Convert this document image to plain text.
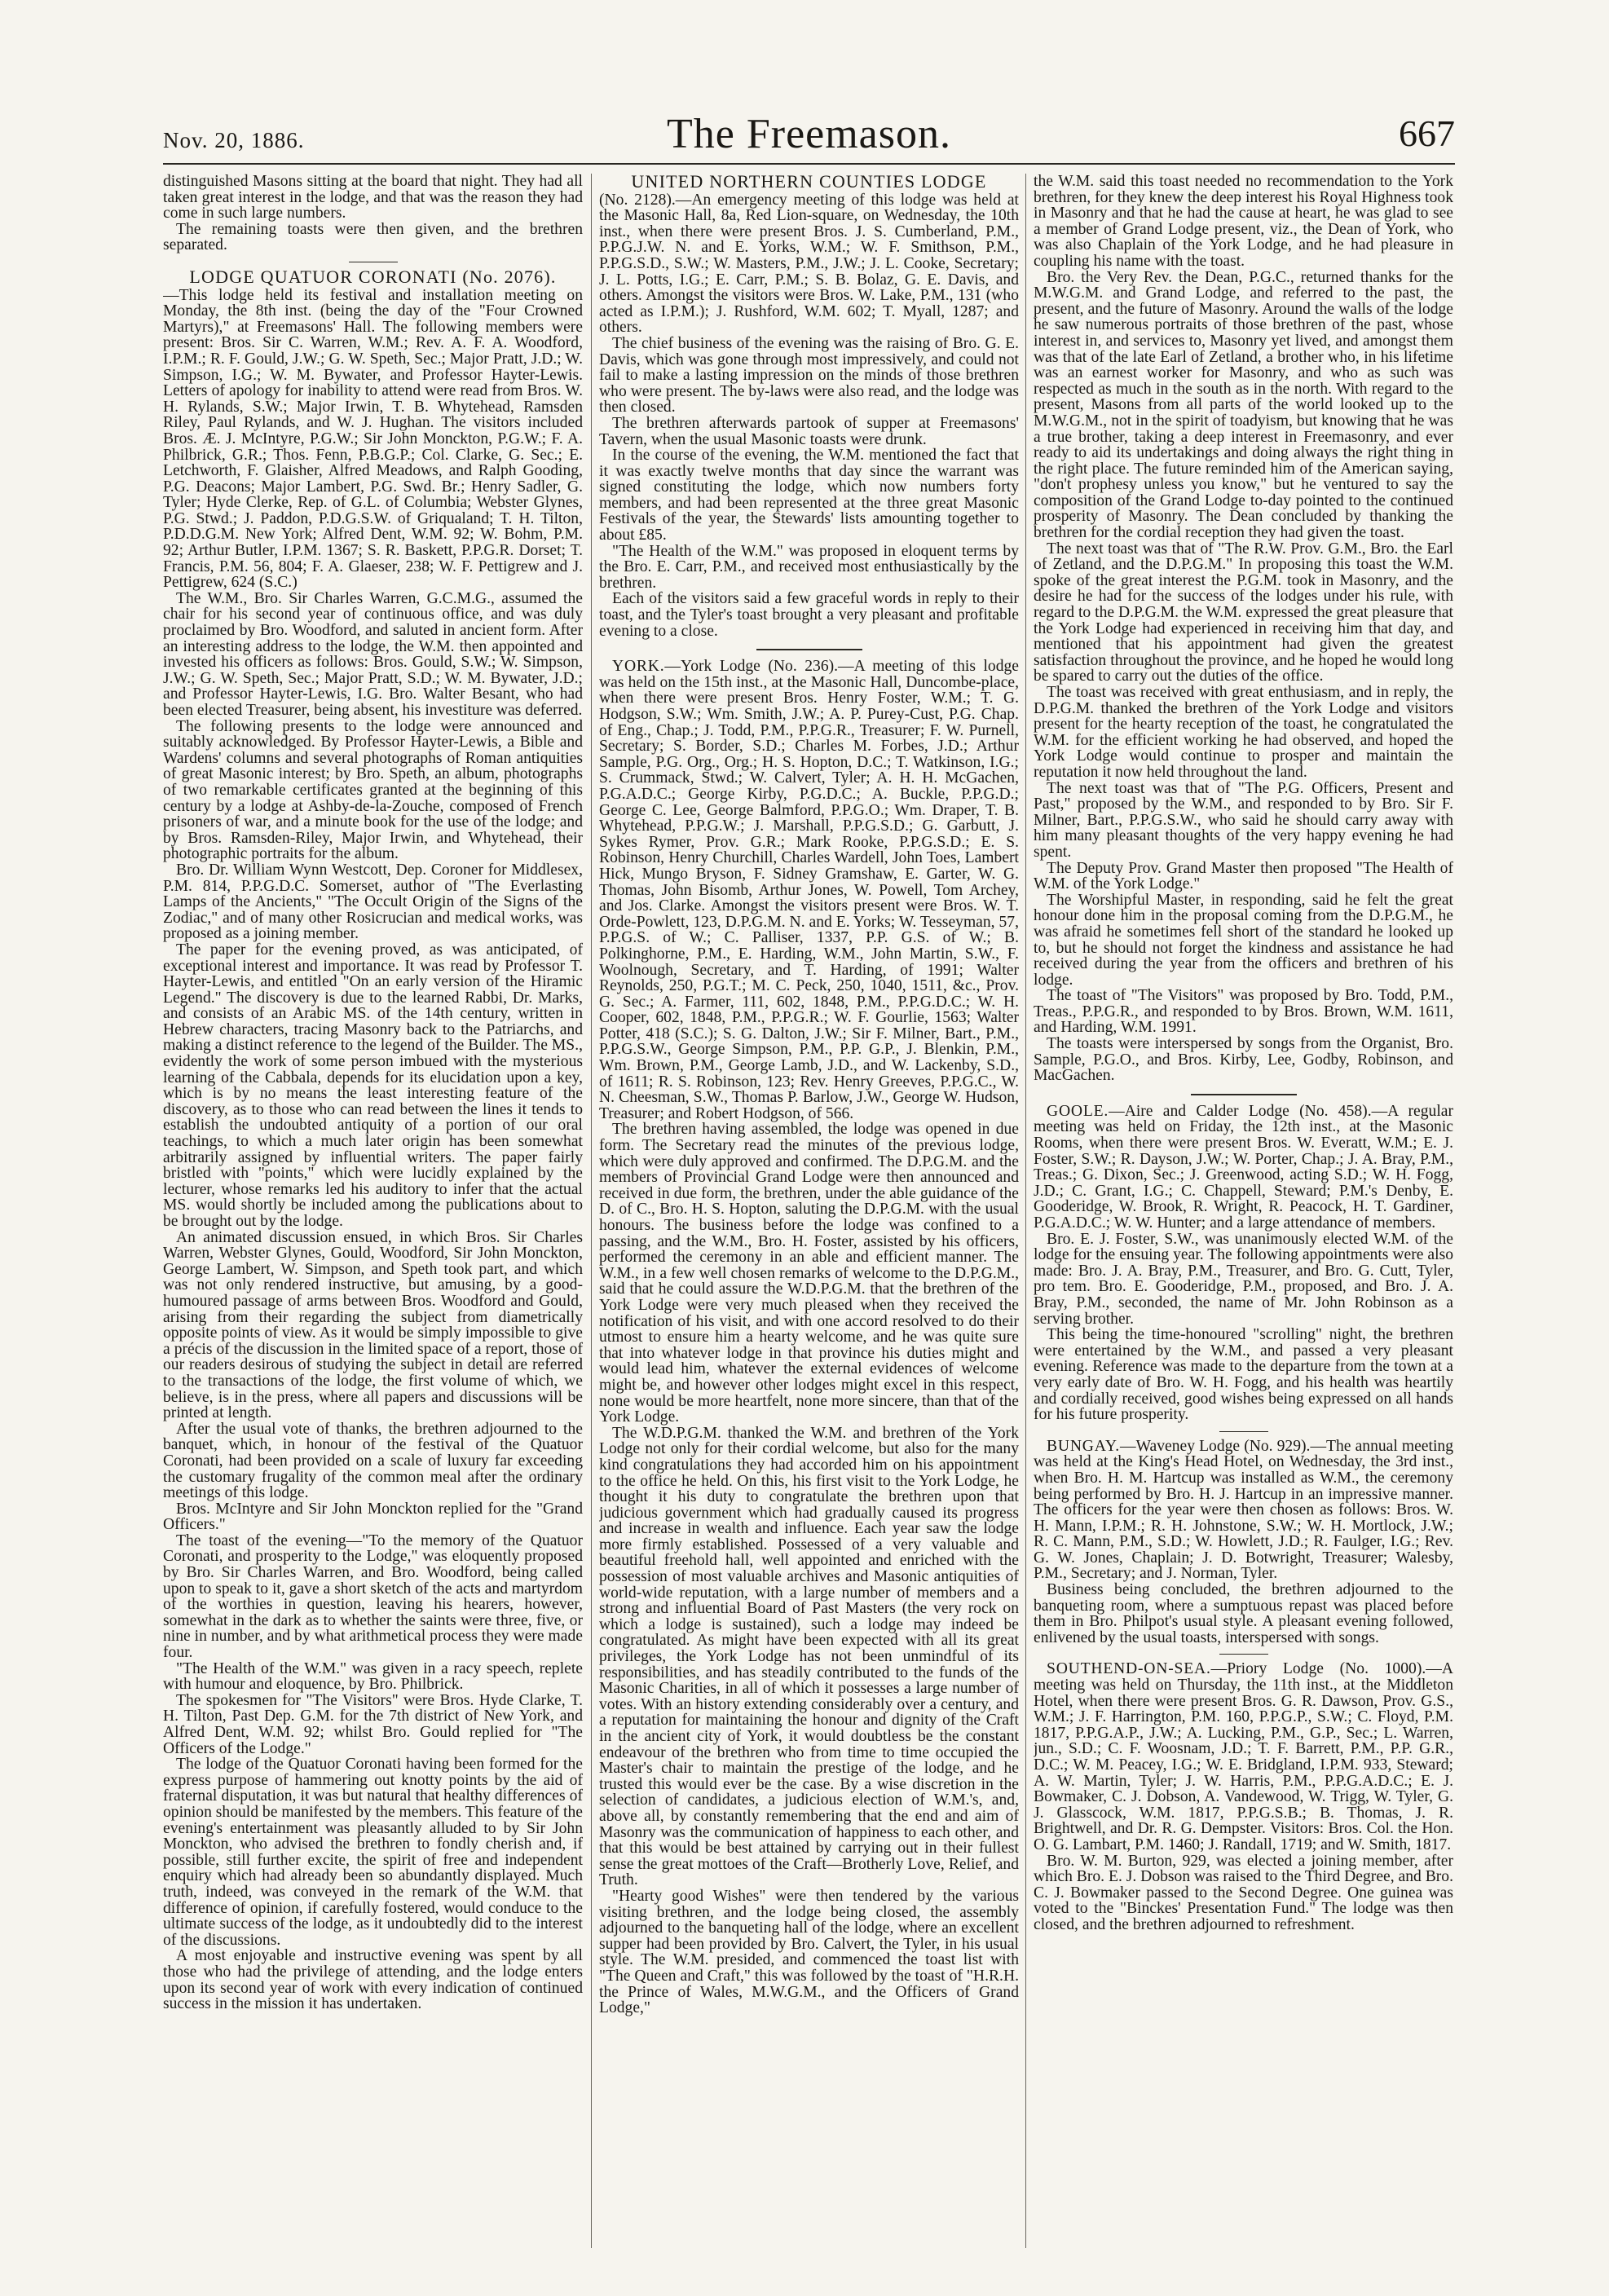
Nov. 20, 1886.	The Freemason.	667

distinguished Masons sitting at the board that night. They had all taken great interest in the lodge, and that was the reason they had come in such large numbers.

The remaining toasts were then given, and the brethren separated.

LODGE QUATUOR CORONATI (No. 2076).

—This lodge held its festival and installation meeting on Monday, the 8th inst. (being the day of the "Four Crowned Martyrs)," at Freemasons' Hall. The following members were present: Bros. Sir C. Warren, W.M.; Rev. A. F. A. Woodford, I.P.M.; R. F. Gould, J.W.; G. W. Speth, Sec.; Major Pratt, J.D.; W. Simpson, I.G.; W. M. Bywater, and Professor Hayter-Lewis. Letters of apology for inability to attend were read from Bros. W. H. Rylands, S.W.; Major Irwin, T. B. Whytehead, Ramsden Riley, Paul Rylands, and W. J. Hughan. The visitors included Bros. Æ. J. McIntyre, P.G.W.; Sir John Monckton, P.G.W.; F. A. Philbrick, G.R.; Thos. Fenn, P.B.G.P.; Col. Clarke, G. Sec.; E. Letchworth, F. Glaisher, Alfred Meadows, and Ralph Gooding, P.G. Deacons; Major Lambert, P.G. Swd. Br.; Henry Sadler, G. Tyler; Hyde Clerke, Rep. of G.L. of Columbia; Webster Glynes, P.G. Stwd.; J. Paddon, P.D.G.S.W. of Griqualand; T. H. Tilton, P.D.D.G.M. New York; Alfred Dent, W.M. 92; W. Bohm, P.M. 92; Arthur Butler, I.P.M. 1367; S. R. Baskett, P.P.G.R. Dorset; T. Francis, P.M. 56, 804; F. A. Glaeser, 238; W. F. Pettigrew and J. Pettigrew, 624 (S.C.)

The W.M., Bro. Sir Charles Warren, G.C.M.G., assumed the chair for his second year of continuous office, and was duly proclaimed by Bro. Woodford, and saluted in ancient form. After an interesting address to the lodge, the W.M. then appointed and invested his officers as follows: Bros. Gould, S.W.; W. Simpson, J.W.; G. W. Speth, Sec.; Major Pratt, S.D.; W. M. Bywater, J.D.; and Professor Hayter-Lewis, I.G. Bro. Walter Besant, who had been elected Treasurer, being absent, his investiture was deferred.

The following presents to the lodge were announced and suitably acknowledged. By Professor Hayter-Lewis, a Bible and Wardens' columns and several photographs of Roman antiquities of great Masonic interest; by Bro. Speth, an album, photographs of two remarkable certificates granted at the beginning of this century by a lodge at Ashby-de-la-Zouche, composed of French prisoners of war, and a minute book for the use of the lodge; and by Bros. Ramsden-Riley, Major Irwin, and Whytehead, their photographic portraits for the album.

Bro. Dr. William Wynn Westcott, Dep. Coroner for Middlesex, P.M. 814, P.P.G.D.C. Somerset, author of "The Everlasting Lamps of the Ancients," "The Occult Origin of the Signs of the Zodiac," and of many other Rosicrucian and medical works, was proposed as a joining member.

The paper for the evening proved, as was anticipated, of exceptional interest and importance. It was read by Professor T. Hayter-Lewis, and entitled "On an early version of the Hiramic Legend." The discovery is due to the learned Rabbi, Dr. Marks, and consists of an Arabic MS. of the 14th century, written in Hebrew characters, tracing Masonry back to the Patriarchs, and making a distinct reference to the legend of the Builder. The MS., evidently the work of some person imbued with the mysterious learning of the Cabbala, depends for its elucidation upon a key, which is by no means the least interesting feature of the discovery, as to those who can read between the lines it tends to establish the undoubted antiquity of a portion of our oral teachings, to which a much later origin has been somewhat arbitrarily assigned by influential writers. The paper fairly bristled with "points," which were lucidly explained by the lecturer, whose remarks led his auditory to infer that the actual MS. would shortly be included among the publications about to be brought out by the lodge.

An animated discussion ensued, in which Bros. Sir Charles Warren, Webster Glynes, Gould, Woodford, Sir John Monckton, George Lambert, W. Simpson, and Speth took part, and which was not only rendered instructive, but amusing, by a good-humoured passage of arms between Bros. Woodford and Gould, arising from their regarding the subject from diametrically opposite points of view. As it would be simply impossible to give a précis of the discussion in the limited space of a report, those of our readers desirous of studying the subject in detail are referred to the transactions of the lodge, the first volume of which, we believe, is in the press, where all papers and discussions will be printed at length.

After the usual vote of thanks, the brethren adjourned to the banquet, which, in honour of the festival of the Quatuor Coronati, had been provided on a scale of luxury far exceeding the customary frugality of the common meal after the ordinary meetings of this lodge.

Bros. McIntyre and Sir John Monckton replied for the "Grand Officers."

The toast of the evening—"To the memory of the Quatuor Coronati, and prosperity to the Lodge," was eloquently proposed by Bro. Sir Charles Warren, and Bro. Woodford, being called upon to speak to it, gave a short sketch of the acts and martyrdom of the worthies in question, leaving his hearers, however, somewhat in the dark as to whether the saints were three, five, or nine in number, and by what arithmetical process they were made four.

"The Health of the W.M." was given in a racy speech, replete with humour and eloquence, by Bro. Philbrick.

The spokesmen for "The Visitors" were Bros. Hyde Clarke, T. H. Tilton, Past Dep. G.M. for the 7th district of New York, and Alfred Dent, W.M. 92; whilst Bro. Gould replied for "The Officers of the Lodge."

The lodge of the Quatuor Coronati having been formed for the express purpose of hammering out knotty points by the aid of fraternal disputation, it was but natural that healthy differences of opinion should be manifested by the members. This feature of the evening's entertainment was pleasantly alluded to by Sir John Monckton, who advised the brethren to fondly cherish and, if possible, still further excite, the spirit of free and independent enquiry which had already been so abundantly displayed. Much truth, indeed, was conveyed in the remark of the W.M. that difference of opinion, if carefully fostered, would conduce to the ultimate success of the lodge, as it undoubtedly did to the interest of the discussions.

A most enjoyable and instructive evening was spent by all those who had the privilege of attending, and the lodge enters upon its second year of work with every indication of continued success in the mission it has undertaken.

UNITED NORTHERN COUNTIES LODGE

(No. 2128).—An emergency meeting of this lodge was held at the Masonic Hall, 8a, Red Lion-square, on Wednesday, the 10th inst., when there were present Bros. J. S. Cumberland, P.M., P.P.G.J.W. N. and E. Yorks, W.M.; W. F. Smithson, P.M., P.P.G.S.D., S.W.; W. Masters, P.M., J.W.; J. L. Cooke, Secretary; J. L. Potts, I.G.; E. Carr, P.M.; S. B. Bolaz, G. E. Davis, and others. Amongst the visitors were Bros. W. Lake, P.M., 131 (who acted as I.P.M.); J. Rushford, W.M. 602; T. Myall, 1287; and others.

The chief business of the evening was the raising of Bro. G. E. Davis, which was gone through most impressively, and could not fail to make a lasting impression on the minds of those brethren who were present. The by-laws were also read, and the lodge was then closed.

The brethren afterwards partook of supper at Freemasons' Tavern, when the usual Masonic toasts were drunk.

In the course of the evening, the W.M. mentioned the fact that it was exactly twelve months that day since the warrant was signed constituting the lodge, which now numbers forty members, and had been represented at the three great Masonic Festivals of the year, the Stewards' lists amounting together to about £85.

"The Health of the W.M." was proposed in eloquent terms by the Bro. E. Carr, P.M., and received most enthusiastically by the brethren.

Each of the visitors said a few graceful words in reply to their toast, and the Tyler's toast brought a very pleasant and profitable evening to a close.

YORK.—York Lodge (No. 236).—A meeting of this lodge was held on the 15th inst., at the Masonic Hall, Duncombe-place, when there were present Bros. Henry Foster, W.M.; T. G. Hodgson, S.W.; Wm. Smith, J.W.; A. P. Purey-Cust, P.G. Chap. of Eng., Chap.; J. Todd, P.M., P.P.G.R., Treasurer; F. W. Purnell, Secretary; S. Border, S.D.; Charles M. Forbes, J.D.; Arthur Sample, P.G. Org., Org.; H. S. Hopton, D.C.; T. Watkinson, I.G.; S. Crummack, Stwd.; W. Calvert, Tyler; A. H. H. McGachen, P.G.A.D.C.; George Kirby, P.G.D.C.; A. Buckle, P.P.G.D.; George C. Lee, George Balmford, P.P.G.O.; Wm. Draper, T. B. Whytehead, P.P.G.W.; J. Marshall, P.P.G.S.D.; G. Garbutt, J. Sykes Rymer, Prov. G.R.; Mark Rooke, P.P.G.S.D.; E. S. Robinson, Henry Churchill, Charles Wardell, John Toes, Lambert Hick, Mungo Bryson, F. Sidney Gramshaw, E. Garter, W. G. Thomas, John Bisomb, Arthur Jones, W. Powell, Tom Archey, and Jos. Clarke. Amongst the visitors present were Bros. W. T. Orde-Powlett, 123, D.P.G.M. N. and E. Yorks; W. Tesseyman, 57, P.P.G.S. of W.; C. Palliser, 1337, P.P. G.S. of W.; B. Polkinghorne, P.M., E. Harding, W.M., John Martin, S.W., F. Woolnough, Secretary, and T. Harding, of 1991; Walter Reynolds, 250, P.G.T.; M. C. Peck, 250, 1040, 1511, &c., Prov. G. Sec.; A. Farmer, 111, 602, 1848, P.M., P.P.G.D.C.; W. H. Cooper, 602, 1848, P.M., P.P.G.R.; W. F. Gourlie, 1563; Walter Potter, 418 (S.C.); S. G. Dalton, J.W.; Sir F. Milner, Bart., P.M., P.P.G.S.W., George Simpson, P.M., P.P. G.P., J. Blenkin, P.M., Wm. Brown, P.M., George Lamb, J.D., and W. Lackenby, S.D., of 1611; R. S. Robinson, 123; Rev. Henry Greeves, P.P.G.C., W. N. Cheesman, S.W., Thomas P. Barlow, J.W., George W. Hudson, Treasurer; and Robert Hodgson, of 566.

The brethren having assembled, the lodge was opened in due form. The Secretary read the minutes of the previous lodge, which were duly approved and confirmed. The D.P.G.M. and the members of Provincial Grand Lodge were then announced and received in due form, the brethren, under the able guidance of the D. of C., Bro. H. S. Hopton, saluting the D.P.G.M. with the usual honours. The business before the lodge was confined to a passing, and the W.M., Bro. H. Foster, assisted by his officers, performed the ceremony in an able and efficient manner. The W.M., in a few well chosen remarks of welcome to the D.P.G.M., said that he could assure the W.D.P.G.M. that the brethren of the York Lodge were very much pleased when they received the notification of his visit, and with one accord resolved to do their utmost to ensure him a hearty welcome, and he was quite sure that into whatever lodge in that province his duties might and would lead him, whatever the external evidences of welcome might be, and however other lodges might excel in this respect, none would be more heartfelt, none more sincere, than that of the York Lodge.

The W.D.P.G.M. thanked the W.M. and brethren of the York Lodge not only for their cordial welcome, but also for the many kind congratulations they had accorded him on his appointment to the office he held. On this, his first visit to the York Lodge, he thought it his duty to congratulate the brethren upon that judicious government which had gradually caused its progress and increase in wealth and influence. Each year saw the lodge more firmly established. Possessed of a very valuable and beautiful freehold hall, well appointed and enriched with the possession of most valuable archives and Masonic antiquities of world-wide reputation, with a large number of members and a strong and influential Board of Past Masters (the very rock on which a lodge is sustained), such a lodge may indeed be congratulated. As might have been expected with all its great privileges, the York Lodge has not been unmindful of its responsibilities, and has steadily contributed to the funds of the Masonic Charities, in all of which it possesses a large number of votes. With an history extending considerably over a century, and a reputation for maintaining the honour and dignity of the Craft in the ancient city of York, it would doubtless be the constant endeavour of the brethren who from time to time occupied the Master's chair to maintain the prestige of the lodge, and he trusted this would ever be the case. By a wise discretion in the selection of candidates, a judicious election of W.M.'s, and, above all, by constantly remembering that the end and aim of Masonry was the communication of happiness to each other, and that this would be best attained by carrying out in their fullest sense the great mottoes of the Craft—Brotherly Love, Relief, and Truth.

"Hearty good Wishes" were then tendered by the various visiting brethren, and the lodge being closed, the assembly adjourned to the banqueting hall of the lodge, where an excellent supper had been provided by Bro. Calvert, the Tyler, in his usual style. The W.M. presided, and commenced the toast list with "The Queen and Craft," this was followed by the toast of "H.R.H. the Prince of Wales, M.W.G.M., and the Officers of Grand Lodge,"

the W.M. said this toast needed no recommendation to the York brethren, for they knew the deep interest his Royal Highness took in Masonry and that he had the cause at heart, he was glad to see a member of Grand Lodge present, viz., the Dean of York, who was also Chaplain of the York Lodge, and he had pleasure in coupling his name with the toast.

Bro. the Very Rev. the Dean, P.G.C., returned thanks for the M.W.G.M. and Grand Lodge, and referred to the past, the present, and the future of Masonry. Around the walls of the lodge he saw numerous portraits of those brethren of the past, whose interest in, and services to, Masonry yet lived, and amongst them was that of the late Earl of Zetland, a brother who, in his lifetime was an earnest worker for Masonry, and who as such was respected as much in the south as in the north. With regard to the present, Masons from all parts of the world looked up to the M.W.G.M., not in the spirit of toadyism, but knowing that he was a true brother, taking a deep interest in Freemasonry, and ever ready to aid its undertakings and doing always the right thing in the right place. The future reminded him of the American saying, "don't prophesy unless you know," but he ventured to say the composition of the Grand Lodge to-day pointed to the continued prosperity of Masonry. The Dean concluded by thanking the brethren for the cordial reception they had given the toast.

The next toast was that of "The R.W. Prov. G.M., Bro. the Earl of Zetland, and the D.P.G.M." In proposing this toast the W.M. spoke of the great interest the P.G.M. took in Masonry, and the desire he had for the success of the lodges under his rule, with regard to the D.P.G.M. the W.M. expressed the great pleasure that the York Lodge had experienced in receiving him that day, and mentioned that his appointment had given the greatest satisfaction throughout the province, and he hoped he would long be spared to carry out the duties of the office.

The toast was received with great enthusiasm, and in reply, the D.P.G.M. thanked the brethren of the York Lodge and visitors present for the hearty reception of the toast, he congratulated the W.M. for the efficient working he had observed, and hoped the York Lodge would continue to prosper and maintain the reputation it now held throughout the land.

The next toast was that of "The P.G. Officers, Present and Past," proposed by the W.M., and responded to by Bro. Sir F. Milner, Bart., P.P.G.S.W., who said he should carry away with him many pleasant thoughts of the very happy evening he had spent.

The Deputy Prov. Grand Master then proposed "The Health of W.M. of the York Lodge."

The Worshipful Master, in responding, said he felt the great honour done him in the proposal coming from the D.P.G.M., he was afraid he sometimes fell short of the standard he looked up to, but he should not forget the kindness and assistance he had received during the year from the officers and brethren of his lodge.

The toast of "The Visitors" was proposed by Bro. Todd, P.M., Treas., P.P.G.R., and responded to by Bros. Brown, W.M. 1611, and Harding, W.M. 1991.

The toasts were interspersed by songs from the Organist, Bro. Sample, P.G.O., and Bros. Kirby, Lee, Godby, Robinson, and MacGachen.

GOOLE.—Aire and Calder Lodge (No. 458).—A regular meeting was held on Friday, the 12th inst., at the Masonic Rooms, when there were present Bros. W. Everatt, W.M.; E. J. Foster, S.W.; R. Dayson, J.W.; W. Porter, Chap.; J. A. Bray, P.M., Treas.; G. Dixon, Sec.; J. Greenwood, acting S.D.; W. H. Fogg, J.D.; C. Grant, I.G.; C. Chappell, Steward; P.M.'s Denby, E. Gooderidge, W. Brook, R. Wright, R. Peacock, H. T. Gardiner, P.G.A.D.C.; W. W. Hunter; and a large attendance of members.

Bro. E. J. Foster, S.W., was unanimously elected W.M. of the lodge for the ensuing year. The following appointments were also made: Bro. J. A. Bray, P.M., Treasurer, and Bro. G. Cutt, Tyler, pro tem. Bro. E. Gooderidge, P.M., proposed, and Bro. J. A. Bray, P.M., seconded, the name of Mr. John Robinson as a serving brother.

This being the time-honoured "scrolling" night, the brethren were entertained by the W.M., and passed a very pleasant evening. Reference was made to the departure from the town at a very early date of Bro. W. H. Fogg, and his health was heartily and cordially received, good wishes being expressed on all hands for his future prosperity.

BUNGAY.—Waveney Lodge (No. 929).—The annual meeting was held at the King's Head Hotel, on Wednesday, the 3rd inst., when Bro. H. M. Hartcup was installed as W.M., the ceremony being performed by Bro. H. J. Hartcup in an impressive manner. The officers for the year were then chosen as follows: Bros. W. H. Mann, I.P.M.; R. H. Johnstone, S.W.; W. H. Mortlock, J.W.; R. C. Mann, P.M., S.D.; W. Howlett, J.D.; R. Faulger, I.G.; Rev. G. W. Jones, Chaplain; J. D. Botwright, Treasurer; Walesby, P.M., Secretary; and J. Norman, Tyler.

Business being concluded, the brethren adjourned to the banqueting room, where a sumptuous repast was placed before them in Bro. Philpot's usual style. A pleasant evening followed, enlivened by the usual toasts, interspersed with songs.

SOUTHEND-ON-SEA.—Priory Lodge (No. 1000).—A meeting was held on Thursday, the 11th inst., at the Middleton Hotel, when there were present Bros. G. R. Dawson, Prov. G.S., W.M.; J. F. Harrington, P.M. 160, P.P.G.P., S.W.; C. Floyd, P.M. 1817, P.P.G.A.P., J.W.; A. Lucking, P.M., G.P., Sec.; L. Warren, jun., S.D.; C. F. Woosnam, J.D.; T. F. Barrett, P.M., P.P. G.R., D.C.; W. M. Peacey, I.G.; W. E. Bridgland, I.P.M. 933, Steward; A. W. Martin, Tyler; J. W. Harris, P.M., P.P.G.A.D.C.; E. J. Bowmaker, C. J. Dobson, A. Vandewood, W. Trigg, W. Tyler, G. J. Glasscock, W.M. 1817, P.P.G.S.B.; B. Thomas, J. R. Brightwell, and Dr. R. G. Dempster. Visitors: Bros. Col. the Hon. O. G. Lambart, P.M. 1460; J. Randall, 1719; and W. Smith, 1817.

Bro. W. M. Burton, 929, was elected a joining member, after which Bro. E. J. Dobson was raised to the Third Degree, and Bro. C. J. Bowmaker passed to the Second Degree. One guinea was voted to the "Binckes' Presentation Fund." The lodge was then closed, and the brethren adjourned to refreshment.
